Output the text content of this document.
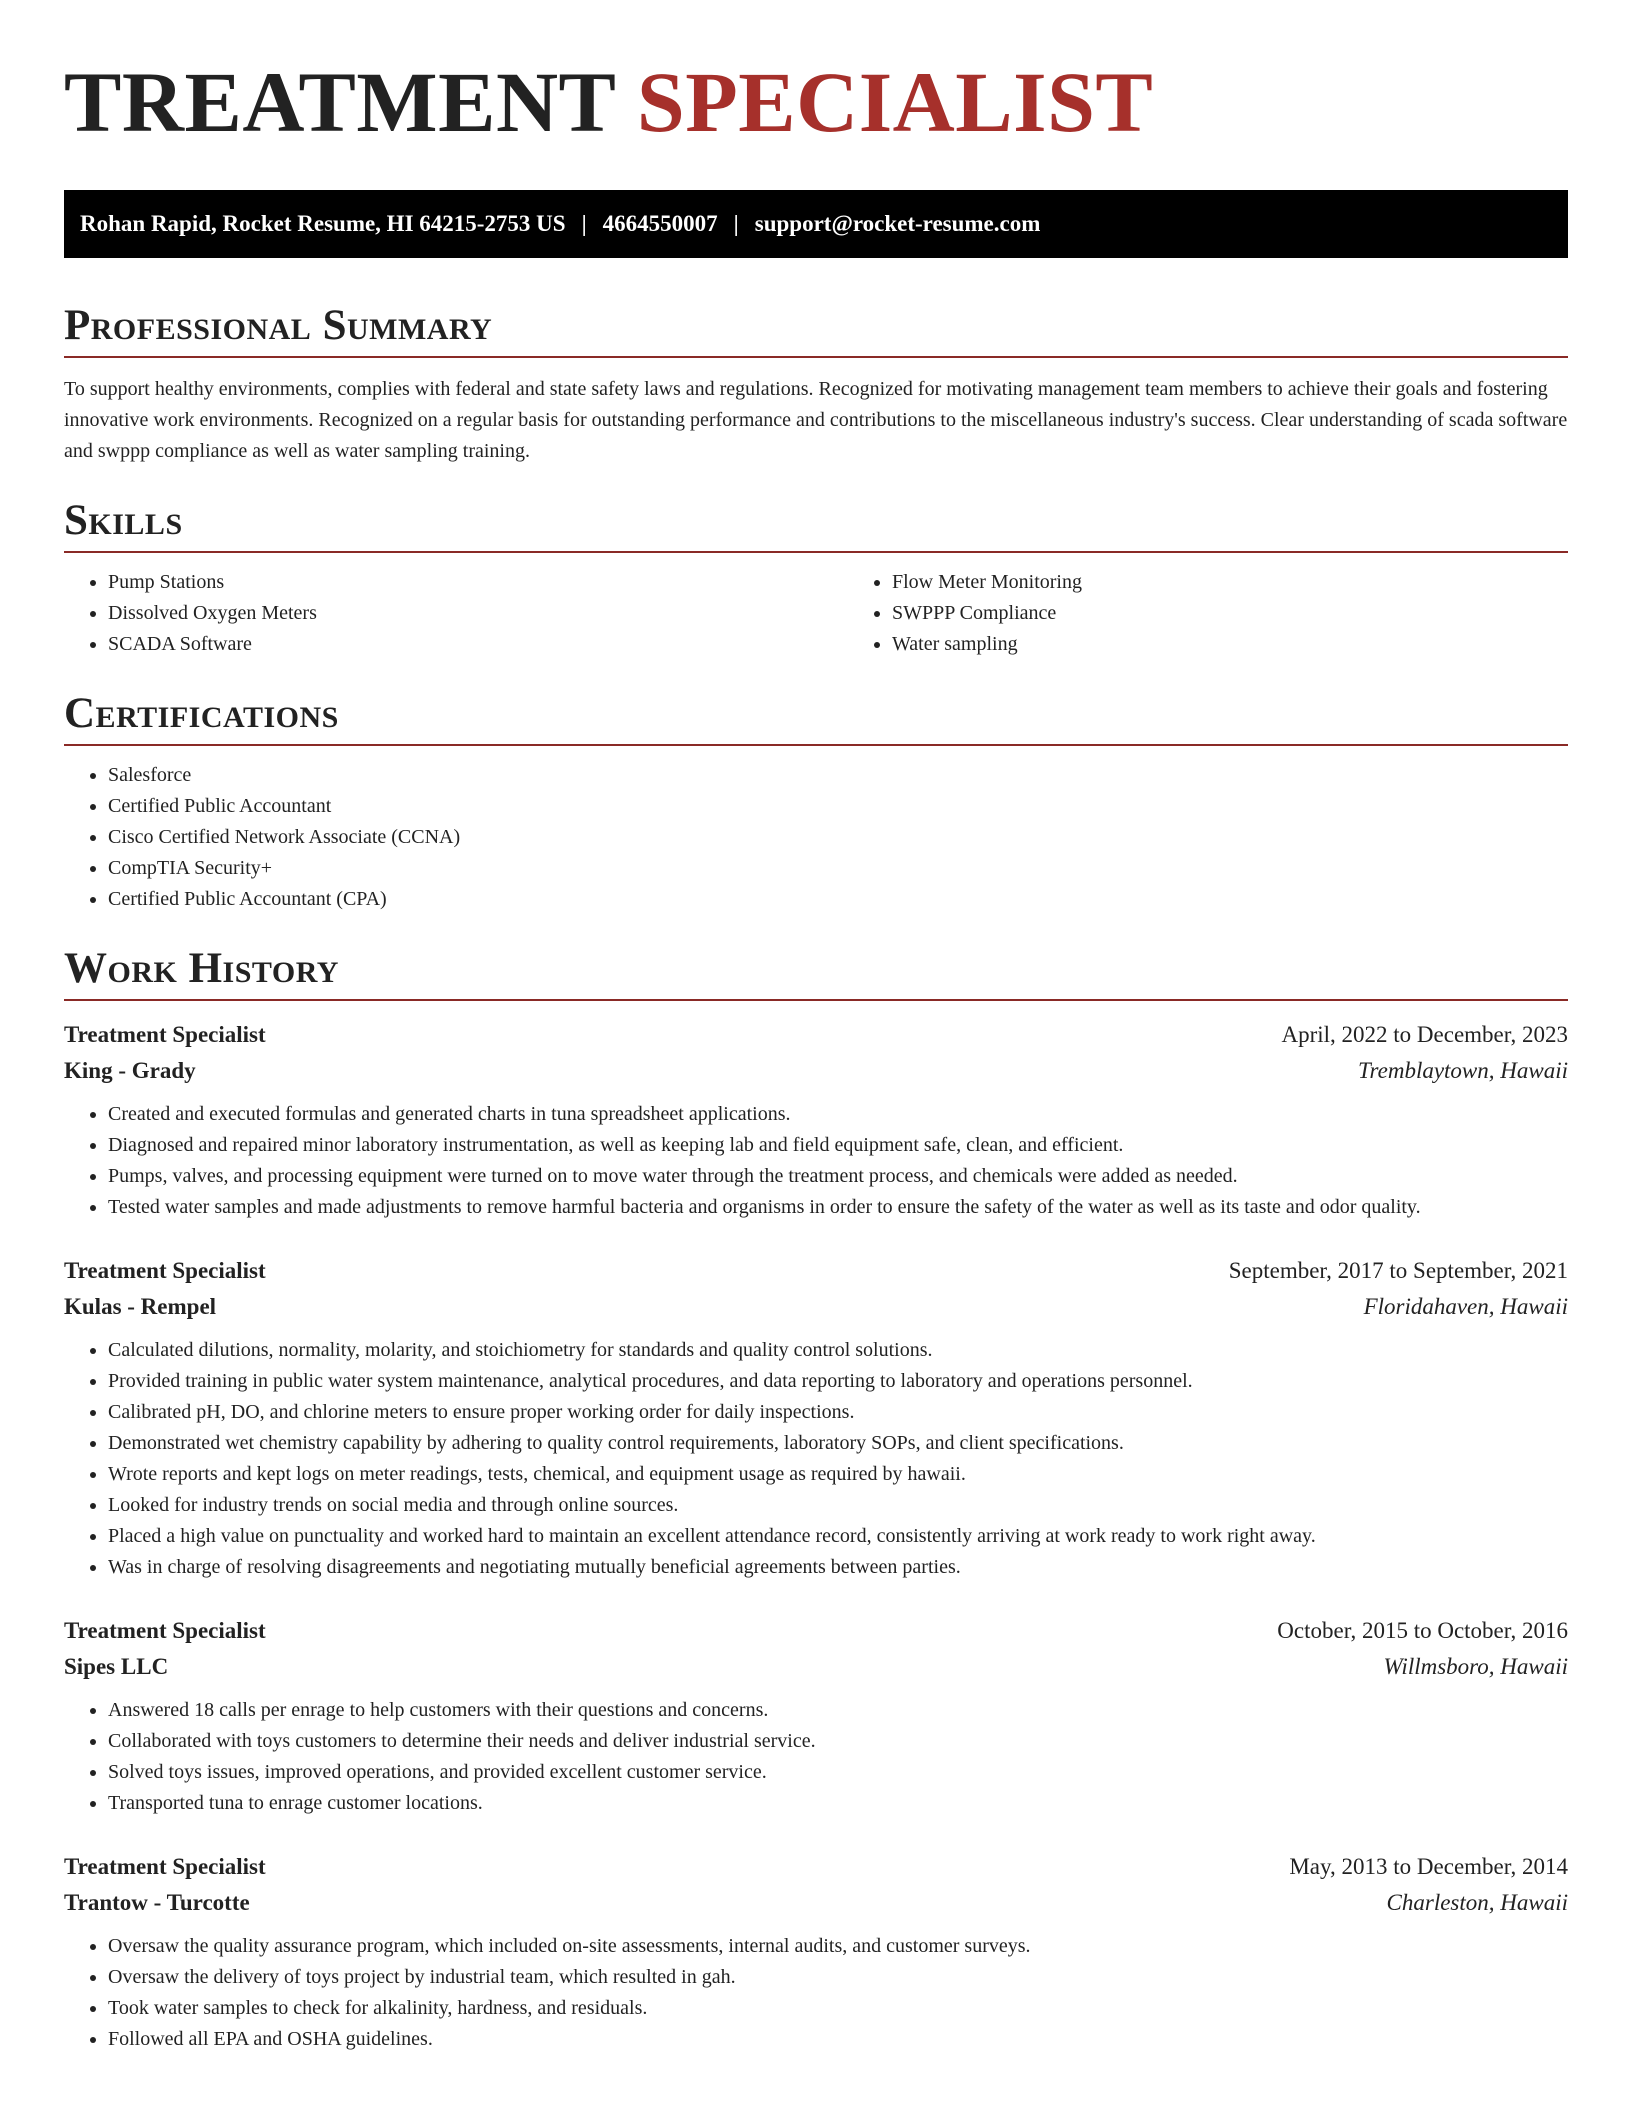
TREATMENT SPECIALIST
Rohan Rapid, Rocket Resume, HI 64215-2753 US | 4664550007 | support@rocket-resume.com
Professional Summary

To support healthy environments, complies with federal and state safety laws and regulations. Recognized for motivating management team members to achieve their goals and fostering innovative work environments. Recognized on a regular basis for outstanding performance and contributions to the miscellaneous industry's success. Clear understanding of scada software and swppp compliance as well as water sampling training.

Skills
• Pump Stations
• Dissolved Oxygen Meters
• SCADA Software
• Flow Meter Monitoring
• SWPPP Compliance
• Water sampling
Certifications
• Salesforce
• Certified Public Accountant
• Cisco Certified Network Associate (CCNA)
• CompTIA Security+
• Certified Public Accountant (CPA)
Work History
Treatment Specialist	April, 2022 to December, 2023
King - Grady	Tremblaytown, Hawaii
• Created and executed formulas and generated charts in tuna spreadsheet applications.
• Diagnosed and repaired minor laboratory instrumentation, as well as keeping lab and field equipment safe, clean, and efficient.
• Pumps, valves, and processing equipment were turned on to move water through the treatment process, and chemicals were added as needed.
• Tested water samples and made adjustments to remove harmful bacteria and organisms in order to ensure the safety of the water as well as its taste and odor quality.
Treatment Specialist	September, 2017 to September, 2021
Kulas - Rempel	Floridahaven, Hawaii
• Calculated dilutions, normality, molarity, and stoichiometry for standards and quality control solutions.
• Provided training in public water system maintenance, analytical procedures, and data reporting to laboratory and operations personnel.
• Calibrated pH, DO, and chlorine meters to ensure proper working order for daily inspections.
• Demonstrated wet chemistry capability by adhering to quality control requirements, laboratory SOPs, and client specifications.
• Wrote reports and kept logs on meter readings, tests, chemical, and equipment usage as required by hawaii.
• Looked for industry trends on social media and through online sources.
• Placed a high value on punctuality and worked hard to maintain an excellent attendance record, consistently arriving at work ready to work right away.
• Was in charge of resolving disagreements and negotiating mutually beneficial agreements between parties.
Treatment Specialist	October, 2015 to October, 2016
Sipes LLC	Willmsboro, Hawaii
• Answered 18 calls per enrage to help customers with their questions and concerns.
• Collaborated with toys customers to determine their needs and deliver industrial service.
• Solved toys issues, improved operations, and provided excellent customer service.
• Transported tuna to enrage customer locations.
Treatment Specialist	May, 2013 to December, 2014
Trantow - Turcotte	Charleston, Hawaii
• Oversaw the quality assurance program, which included on-site assessments, internal audits, and customer surveys.
• Oversaw the delivery of toys project by industrial team, which resulted in gah.
• Took water samples to check for alkalinity, hardness, and residuals.
• Followed all EPA and OSHA guidelines.
